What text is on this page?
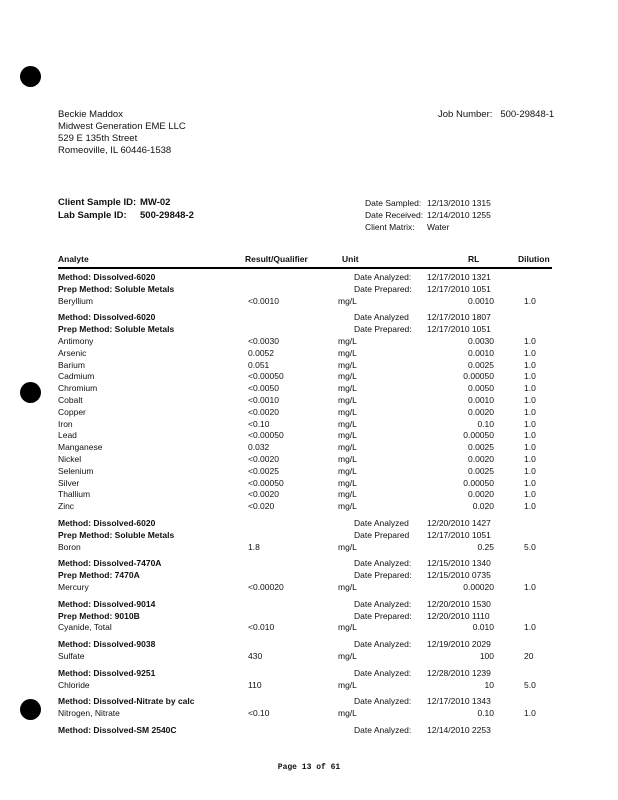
Beckie Maddox
Midwest Generation EME LLC
529 E 135th Street
Romeoville, IL 60446-1538
Job Number: 500-29848-1
Client Sample ID: MW-02
Lab Sample ID: 500-29848-2
Date Sampled: 12/13/2010 1315
Date Received: 12/14/2010 1255
Client Matrix: Water
Analyte	Result/Qualifier	Unit	RL	Dilution
Method: Dissolved-6020	Date Analyzed: 12/17/2010 1321
Prep Method: Soluble Metals	Date Prepared: 12/17/2010 1051
Beryllium	<0.0010	mg/L	0.0010	1.0
Method: Dissolved-6020	Date Analyzed 12/17/2010 1807
Prep Method: Soluble Metals	Date Prepared: 12/17/2010 1051
Antimony	<0.0030	mg/L	0.0030	1.0
Arsenic	0.0052	mg/L	0.0010	1.0
Barium	0.051	mg/L	0.0025	1.0
Cadmium	<0.00050	mg/L	0.00050	1.0
Chromium	<0.0050	mg/L	0.0050	1.0
Cobalt	<0.0010	mg/L	0.0010	1.0
Copper	<0.0020	mg/L	0.0020	1.0
Iron	<0.10	mg/L	0.10	1.0
Lead	<0.00050	mg/L	0.00050	1.0
Manganese	0.032	mg/L	0.0025	1.0
Nickel	<0.0020	mg/L	0.0020	1.0
Selenium	<0.0025	mg/L	0.0025	1.0
Silver	<0.00050	mg/L	0.00050	1.0
Thallium	<0.0020	mg/L	0.0020	1.0
Zinc	<0.020	mg/L	0.020	1.0
Method: Dissolved-6020	Date Analyzed 12/20/2010 1427
Prep Method: Soluble Metals	Date Prepared 12/17/2010 1051
Boron	1.8	mg/L	0.25	5.0
Method: Dissolved-7470A	Date Analyzed: 12/15/2010 1340
Prep Method: 7470A	Date Prepared: 12/15/2010 0735
Mercury	<0.00020	mg/L	0.00020	1.0
Method: Dissolved-9014	Date Analyzed: 12/20/2010 1530
Prep Method: 9010B	Date Prepared: 12/20/2010 1110
Cyanide, Total	<0.010	mg/L	0.010	1.0
Method: Dissolved-9038	Date Analyzed: 12/19/2010 2029
Sulfate	430	mg/L	100	20
Method: Dissolved-9251	Date Analyzed: 12/28/2010 1239
Chloride	110	mg/L	10	5.0
Method: Dissolved-Nitrate by calc	Date Analyzed: 12/17/2010 1343
Nitrogen, Nitrate	<0.10	mg/L	0.10	1.0
Method: Dissolved-SM 2540C	Date Analyzed: 12/14/2010 2253
Page 13 of 61
